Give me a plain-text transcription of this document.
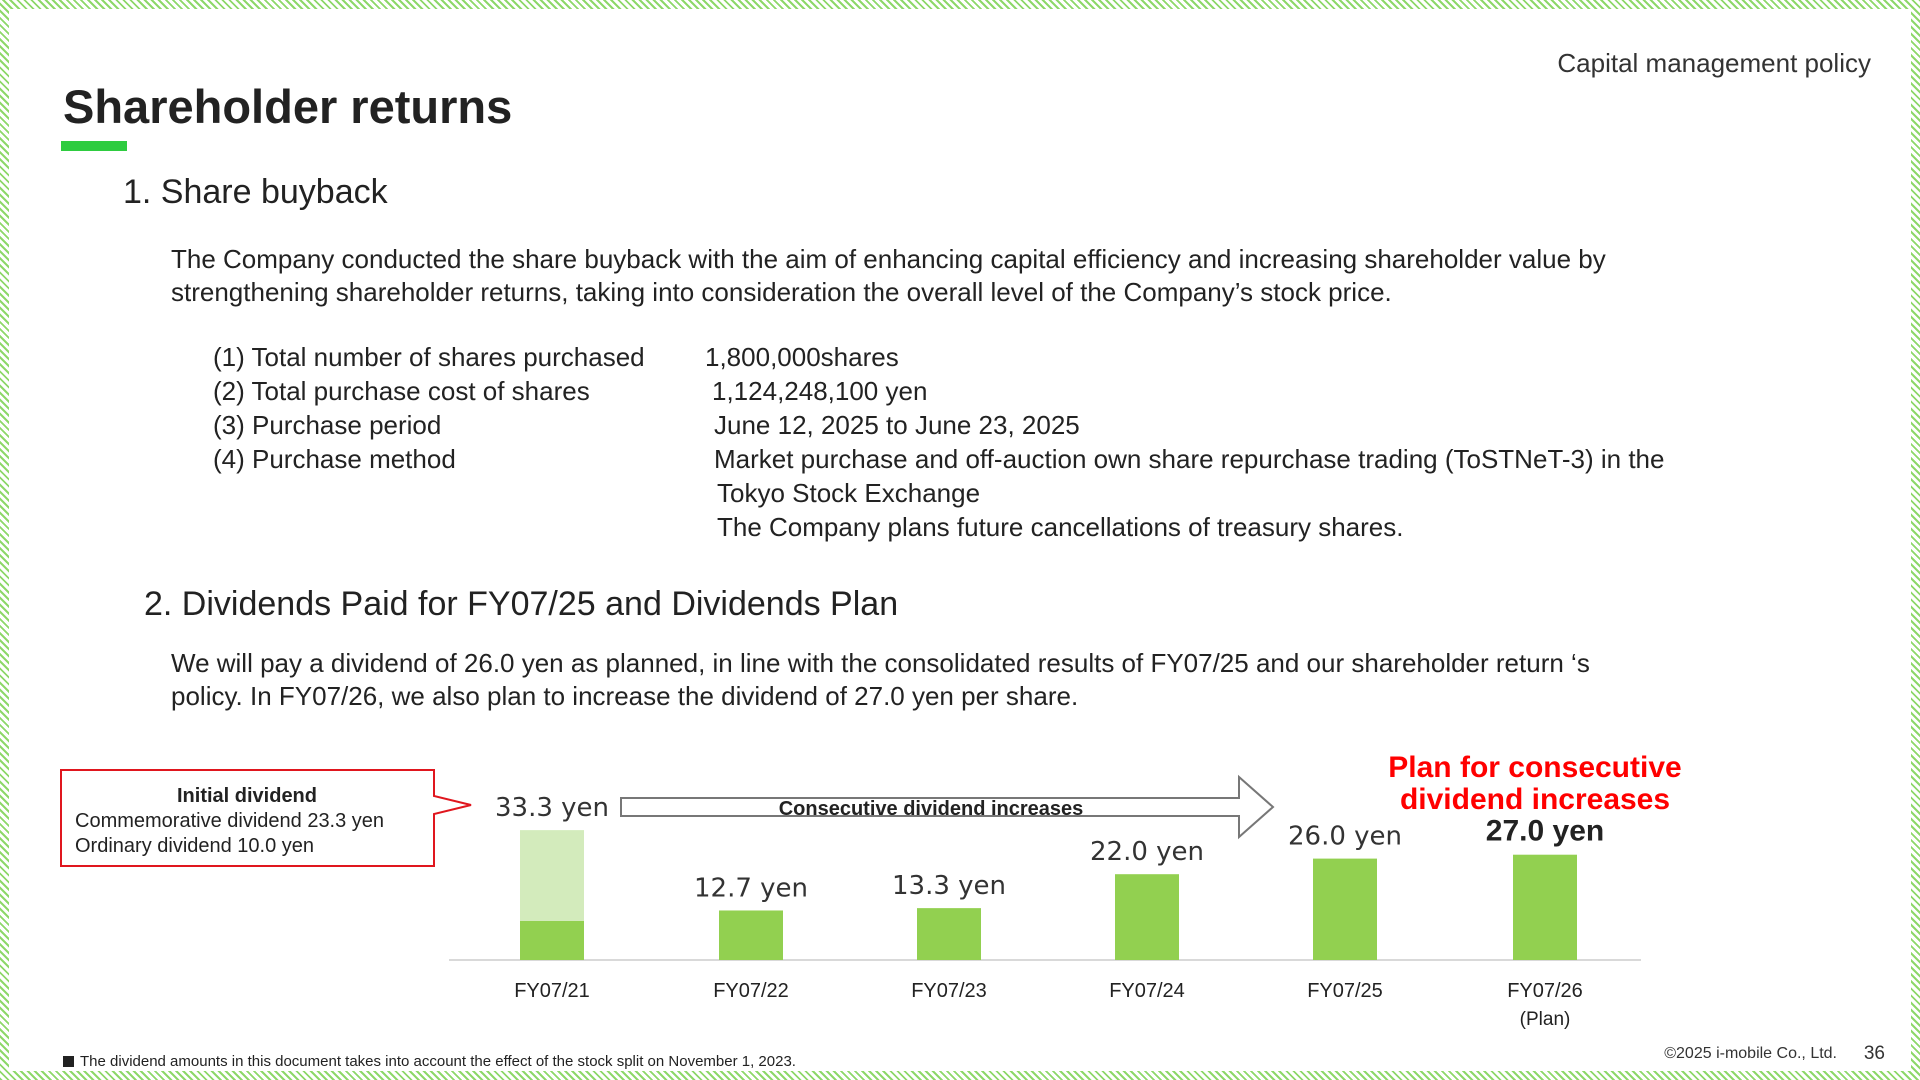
Capital management policy
Shareholder returns
1. Share buyback
The Company conducted the share buyback with the aim of enhancing capital efficiency and increasing shareholder value by
strengthening shareholder returns, taking into consideration the overall level of the Company’s stock price.
(1) Total number of shares purchased 1,800,000shares
(2) Total purchase cost of shares	1,124,248,100 yen
(3) Purchase period	June 12, 2025 to June 23, 2025
(4) Purchase method	Market purchase and off-auction own share repurchase trading (ToSTNeT-3) in the
Tokyo Stock Exchange
The Company plans future cancellations of treasury shares.
2. Dividends Paid for FY07/25 and Dividends Plan
We will pay a dividend of 26.0 yen as planned, in line with the consolidated results of FY07/25 and our shareholder return ‘s
policy. In FY07/26, we also plan to increase the dividend of 27.0 yen per share.
Initial dividend
Commemorative dividend 23.3 yen
Ordinary dividend 10.0 yen
Consecutive dividend increases
Plan for consecutive
dividend increases
33.3 yen
FY07/21
12.7 yen
FY07/22
13.3 yen
FY07/23
22.0 yen
FY07/24
26.0 yen
FY07/25
27.0 yen
FY07/26
(Plan)
The dividend amounts in this document takes into account the effect of the stock split on November 1, 2023.	©2025 i-mobile Co., Ltd. 36
